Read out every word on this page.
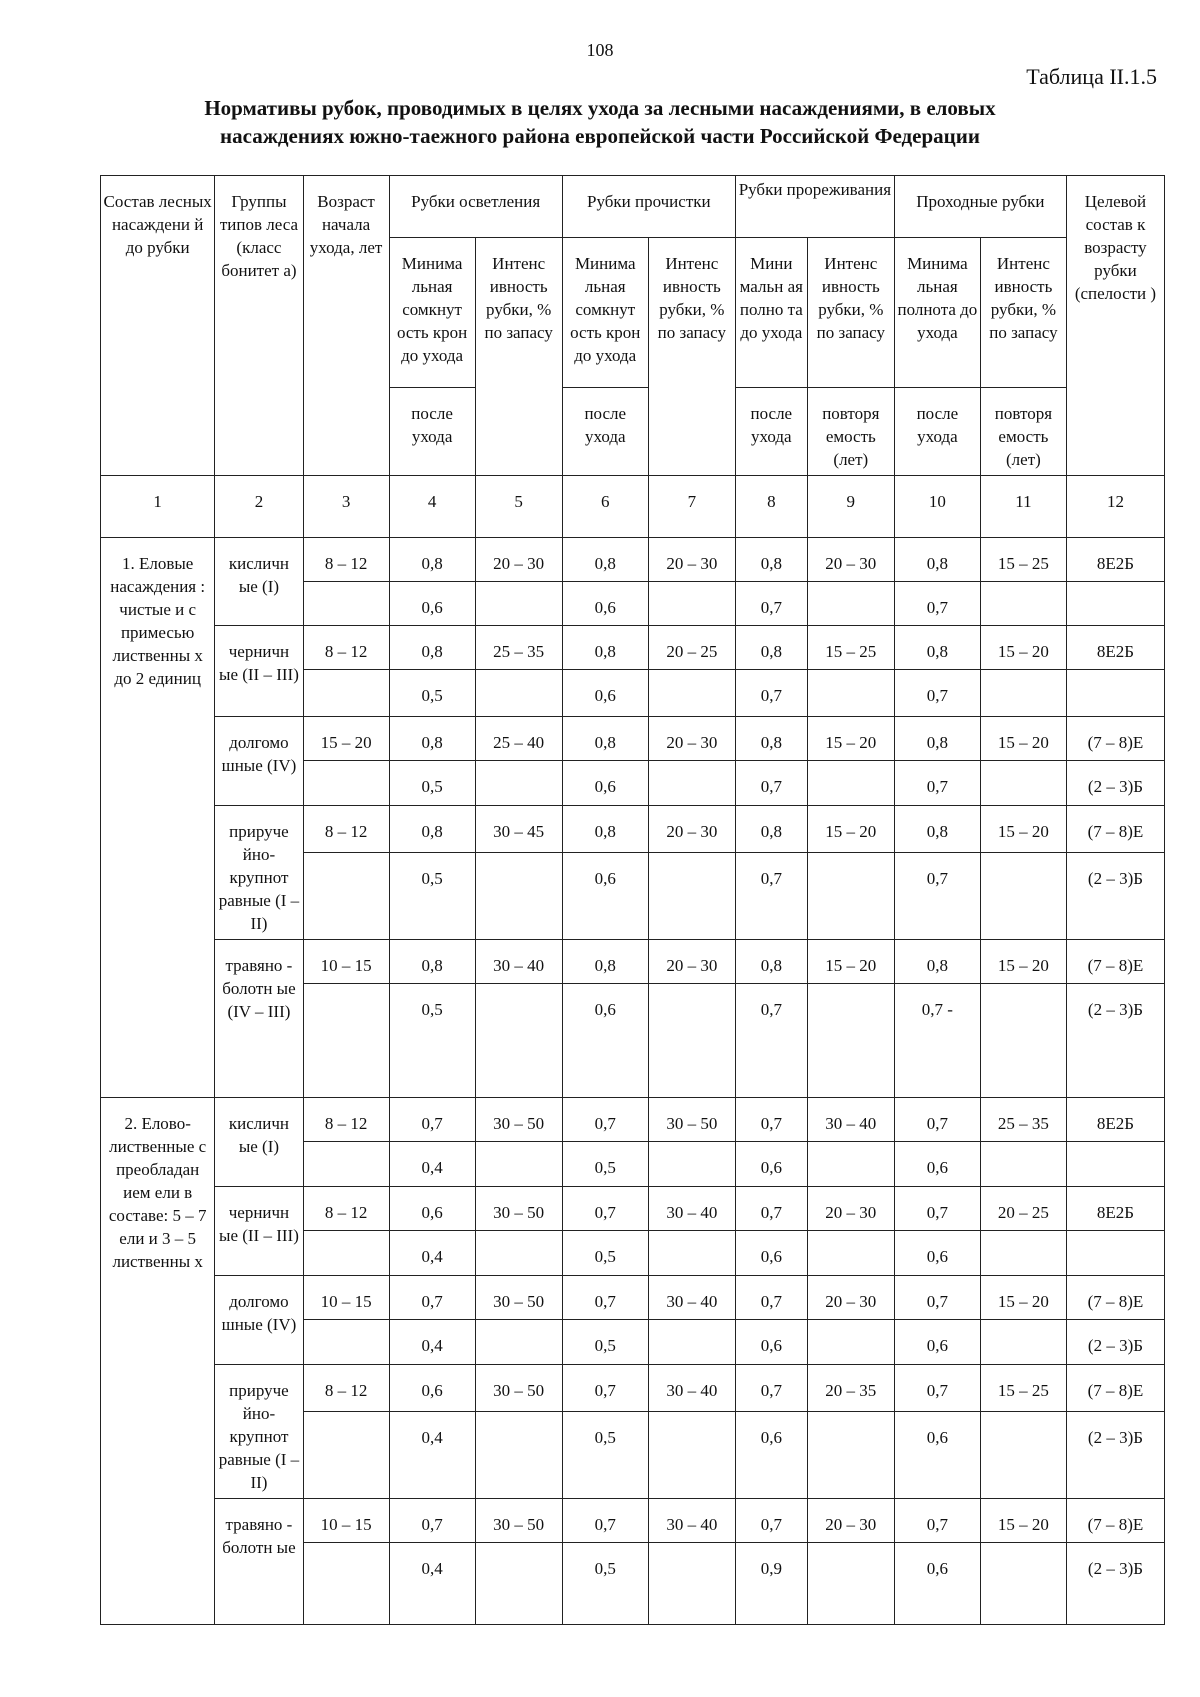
108
Таблица II.1.5
Нормативы рубок, проводимых в целях ухода за лесными насаждениями, в еловых
насаждениях южно-таежного района европейской части Российской Федерации
Состав лесных насаждени й до рубки	Группы типов леса (класс бонитет а)	Возраст начала ухода, лет	Рубки осветления		Рубки прочистки		Рубки прореживания		Проходные рубки		Целевой состав к возрасту рубки (спелости )
			Минима льная сомкнут ость крон до ухода	Интенс ивность рубки, % по запасу	Минима льная сомкнут ость крон до ухода	Интенс ивность рубки, % по запасу	Мини мальн ая полно та до ухода	Интенс ивность рубки, % по запасу	Минима льная полнота до ухода	Интенс ивность рубки, % по запасу	
			после ухода		после ухода		после ухода	повторя емость (лет)	после ухода	повторя емость (лет)	
1	2	3	4	5	6	7	8	9	10	11	12
1. Еловые насаждения : чистые и с примесью лиственны х до 2 единиц	кисличн ые (I)	8 – 12	0,8	20 – 30	0,8	20 – 30	0,8	20 – 30	0,8	15 – 25	8Е2Б
			0,6		0,6		0,7		0,7		
	черничн ые (II – III)	8 – 12	0,8	25 – 35	0,8	20 – 25	0,8	15 – 25	0,8	15 – 20	8Е2Б
			0,5		0,6		0,7		0,7		
	долгомо шные (IV)	15 – 20	0,8	25 – 40	0,8	20 – 30	0,8	15 – 20	0,8	15 – 20	(7 – 8)Е
			0,5		0,6		0,7		0,7		(2 – 3)Б
	прируче йно- крупнот равные (I – II)	8 – 12	0,8	30 – 45	0,8	20 – 30	0,8	15 – 20	0,8	15 – 20	(7 – 8)Е
			0,5		0,6		0,7		0,7		(2 – 3)Б
	травяно - болотн ые (IV – III)	10 – 15	0,8	30 – 40	0,8	20 – 30	0,8	15 – 20	0,8	15 – 20	(7 – 8)Е
			0,5		0,6		0,7		0,7 -		(2 – 3)Б
2. Елово- лиственные с преобладан ием ели в составе: 5 – 7 ели и 3 – 5 лиственны х	кисличн ые (I)	8 – 12	0,7	30 – 50	0,7	30 – 50	0,7	30 – 40	0,7	25 – 35	8Е2Б
			0,4		0,5		0,6		0,6		
	черничн ые (II – III)	8 – 12	0,6	30 – 50	0,7	30 – 40	0,7	20 – 30	0,7	20 – 25	8Е2Б
			0,4		0,5		0,6		0,6		
	долгомо шные (IV)	10 – 15	0,7	30 – 50	0,7	30 – 40	0,7	20 – 30	0,7	15 – 20	(7 – 8)Е
			0,4		0,5		0,6		0,6		(2 – 3)Б
	приручe йно- крупнот равные (I – II)	8 – 12	0,6	30 – 50	0,7	30 – 40	0,7	20 – 35	0,7	15 – 25	(7 – 8)Е
			0,4		0,5		0,6		0,6		(2 – 3)Б
	травяно - болотн ые	10 – 15	0,7	30 – 50	0,7	30 – 40	0,7	20 – 30	0,7	15 – 20	(7 – 8)Е
			0,4		0,5		0,9		0,6		(2 – 3)Б
